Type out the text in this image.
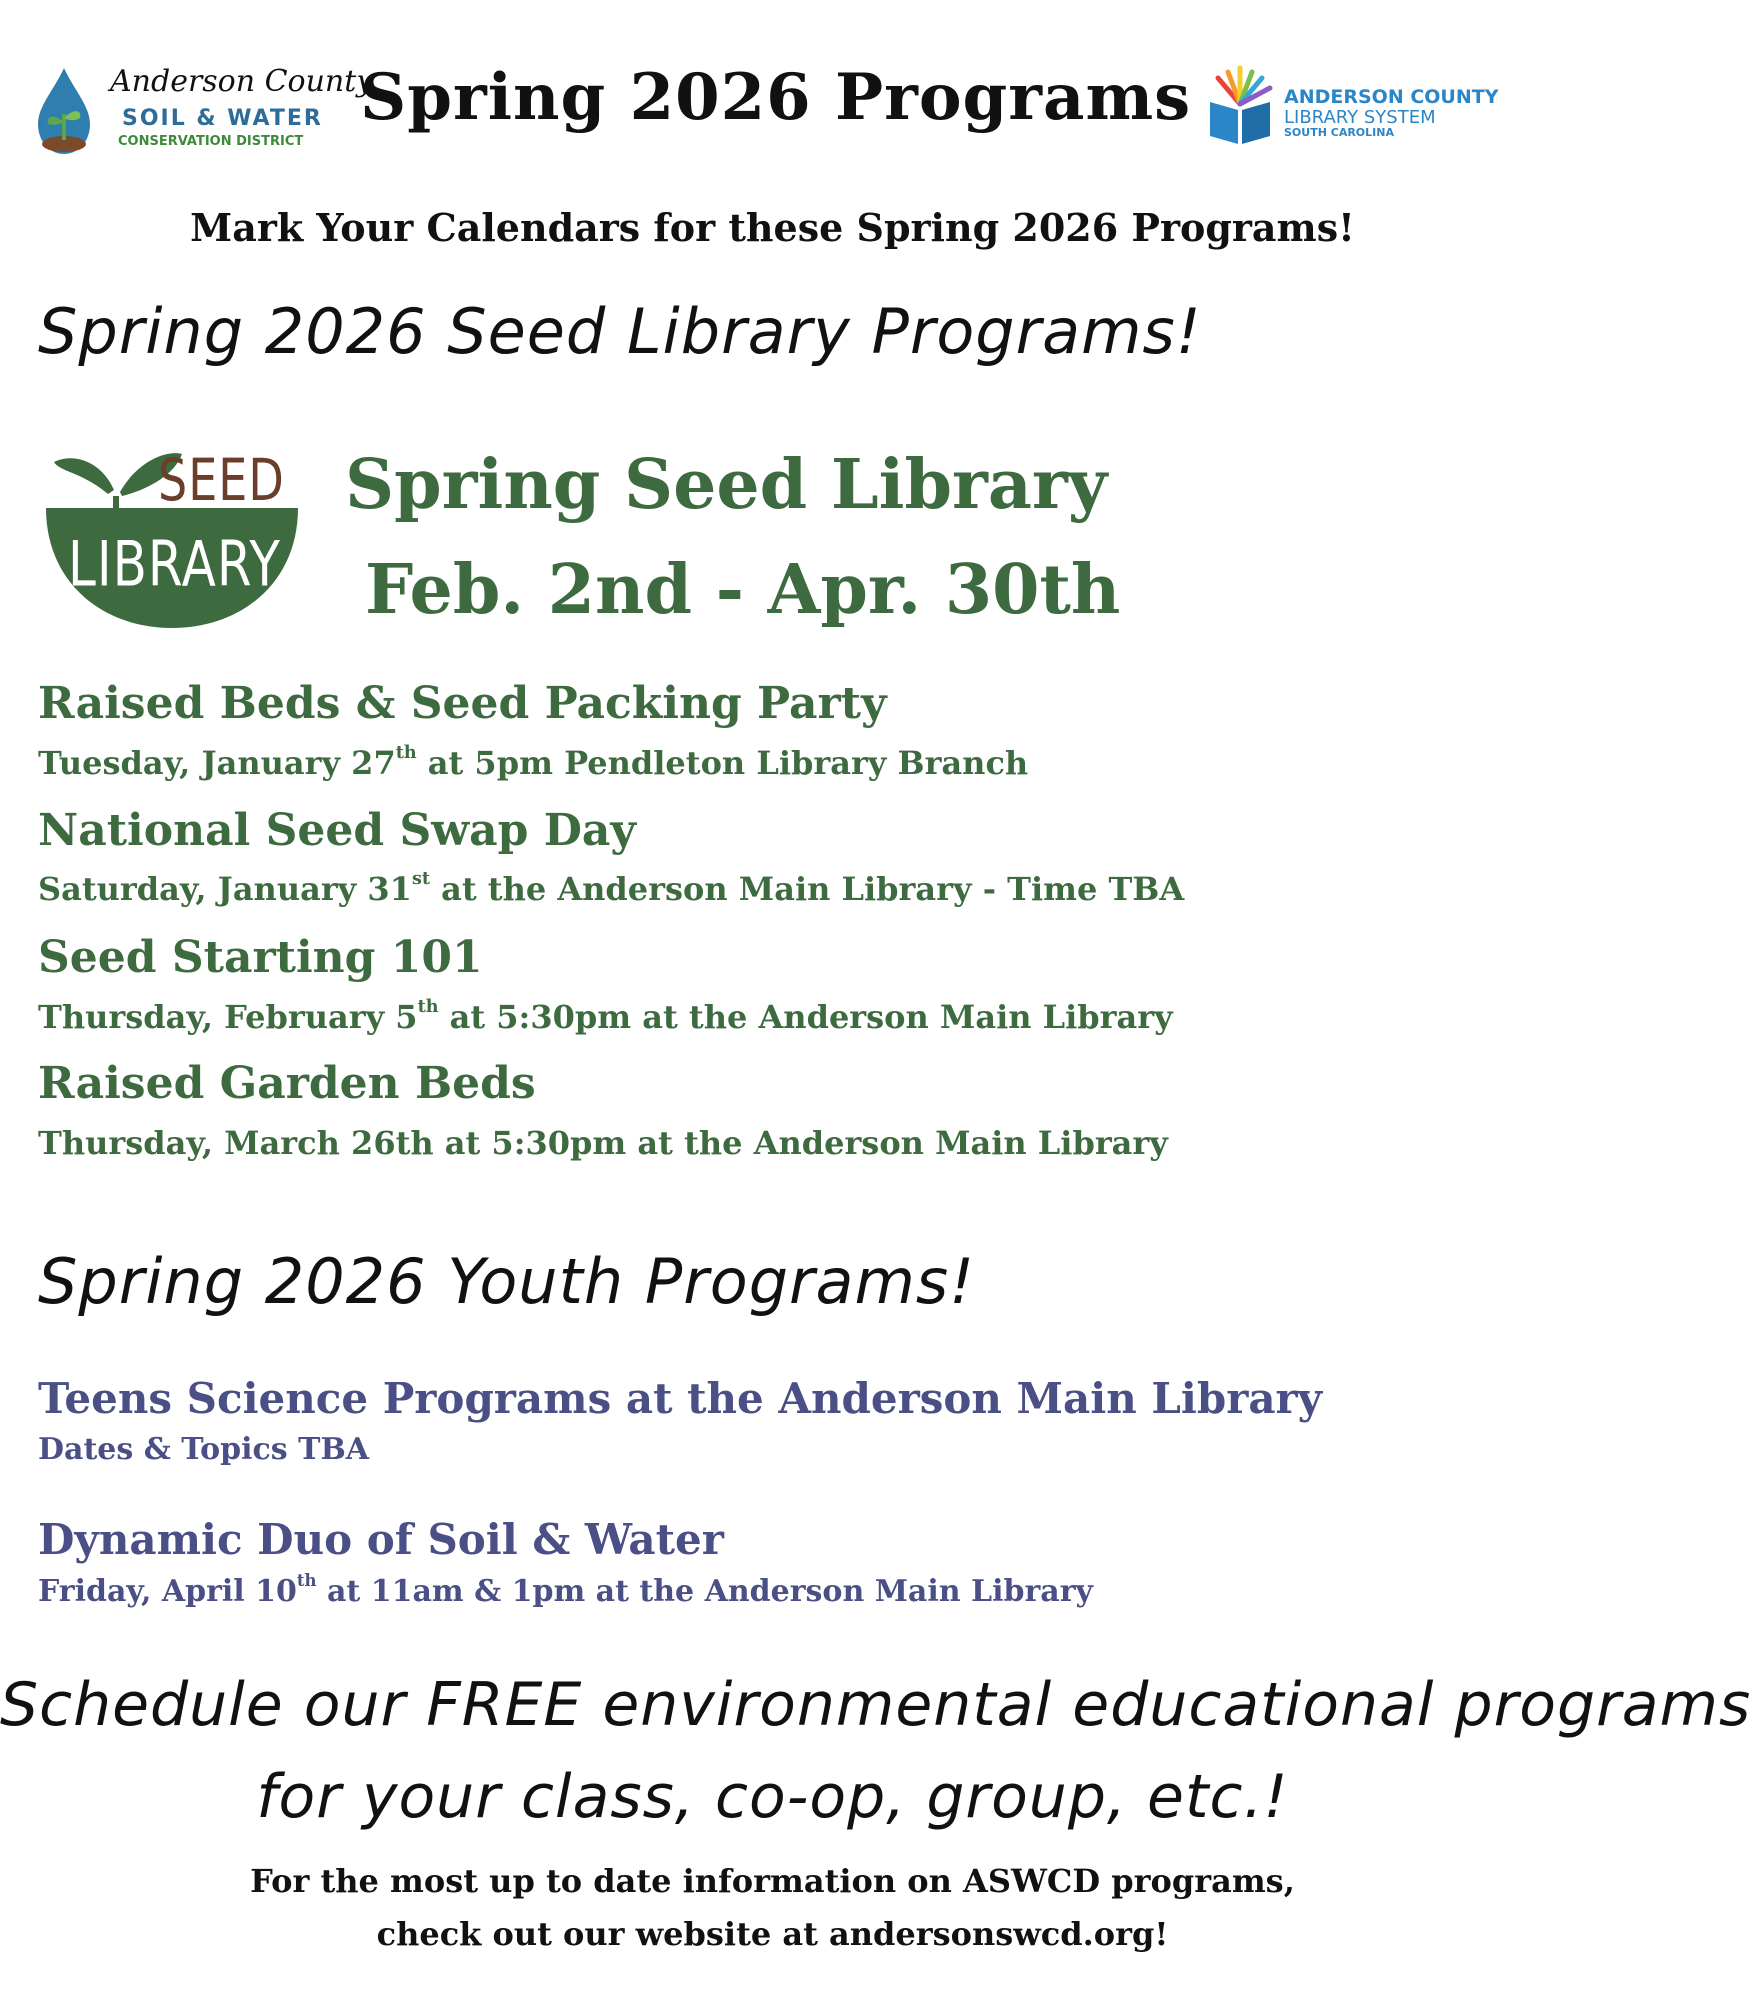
Anderson County
SOIL & WATER
CONSERVATION DISTRICT
Spring 2026 Programs	ANDERSON COUNTY
LIBRARY SYSTEM
SOUTH CAROLINA
Mark Your Calendars for these Spring 2026 Programs!
Spring 2026 Seed Library Programs!
SEED
LIBRARY
Spring Seed Library
Feb. 2nd - Apr. 30th
Raised Beds & Seed Packing Party
Tuesday, January 27th at 5pm Pendleton Library Branch
National Seed Swap Day
Saturday, January 31st at the Anderson Main Library - Time TBA
Seed Starting 101
Thursday, February 5th at 5:30pm at the Anderson Main Library
Raised Garden Beds
Thursday, March 26th at 5:30pm at the Anderson Main Library
Spring 2026 Youth Programs!
Teens Science Programs at the Anderson Main Library
Dates & Topics TBA
Dynamic Duo of Soil & Water
Friday, April 10th at 11am & 1pm at the Anderson Main Library
Schedule our FREE environmental educational programs
for your class, co-op, group, etc.!
For the most up to date information on ASWCD programs,
check out our website at andersonswcd.org!
